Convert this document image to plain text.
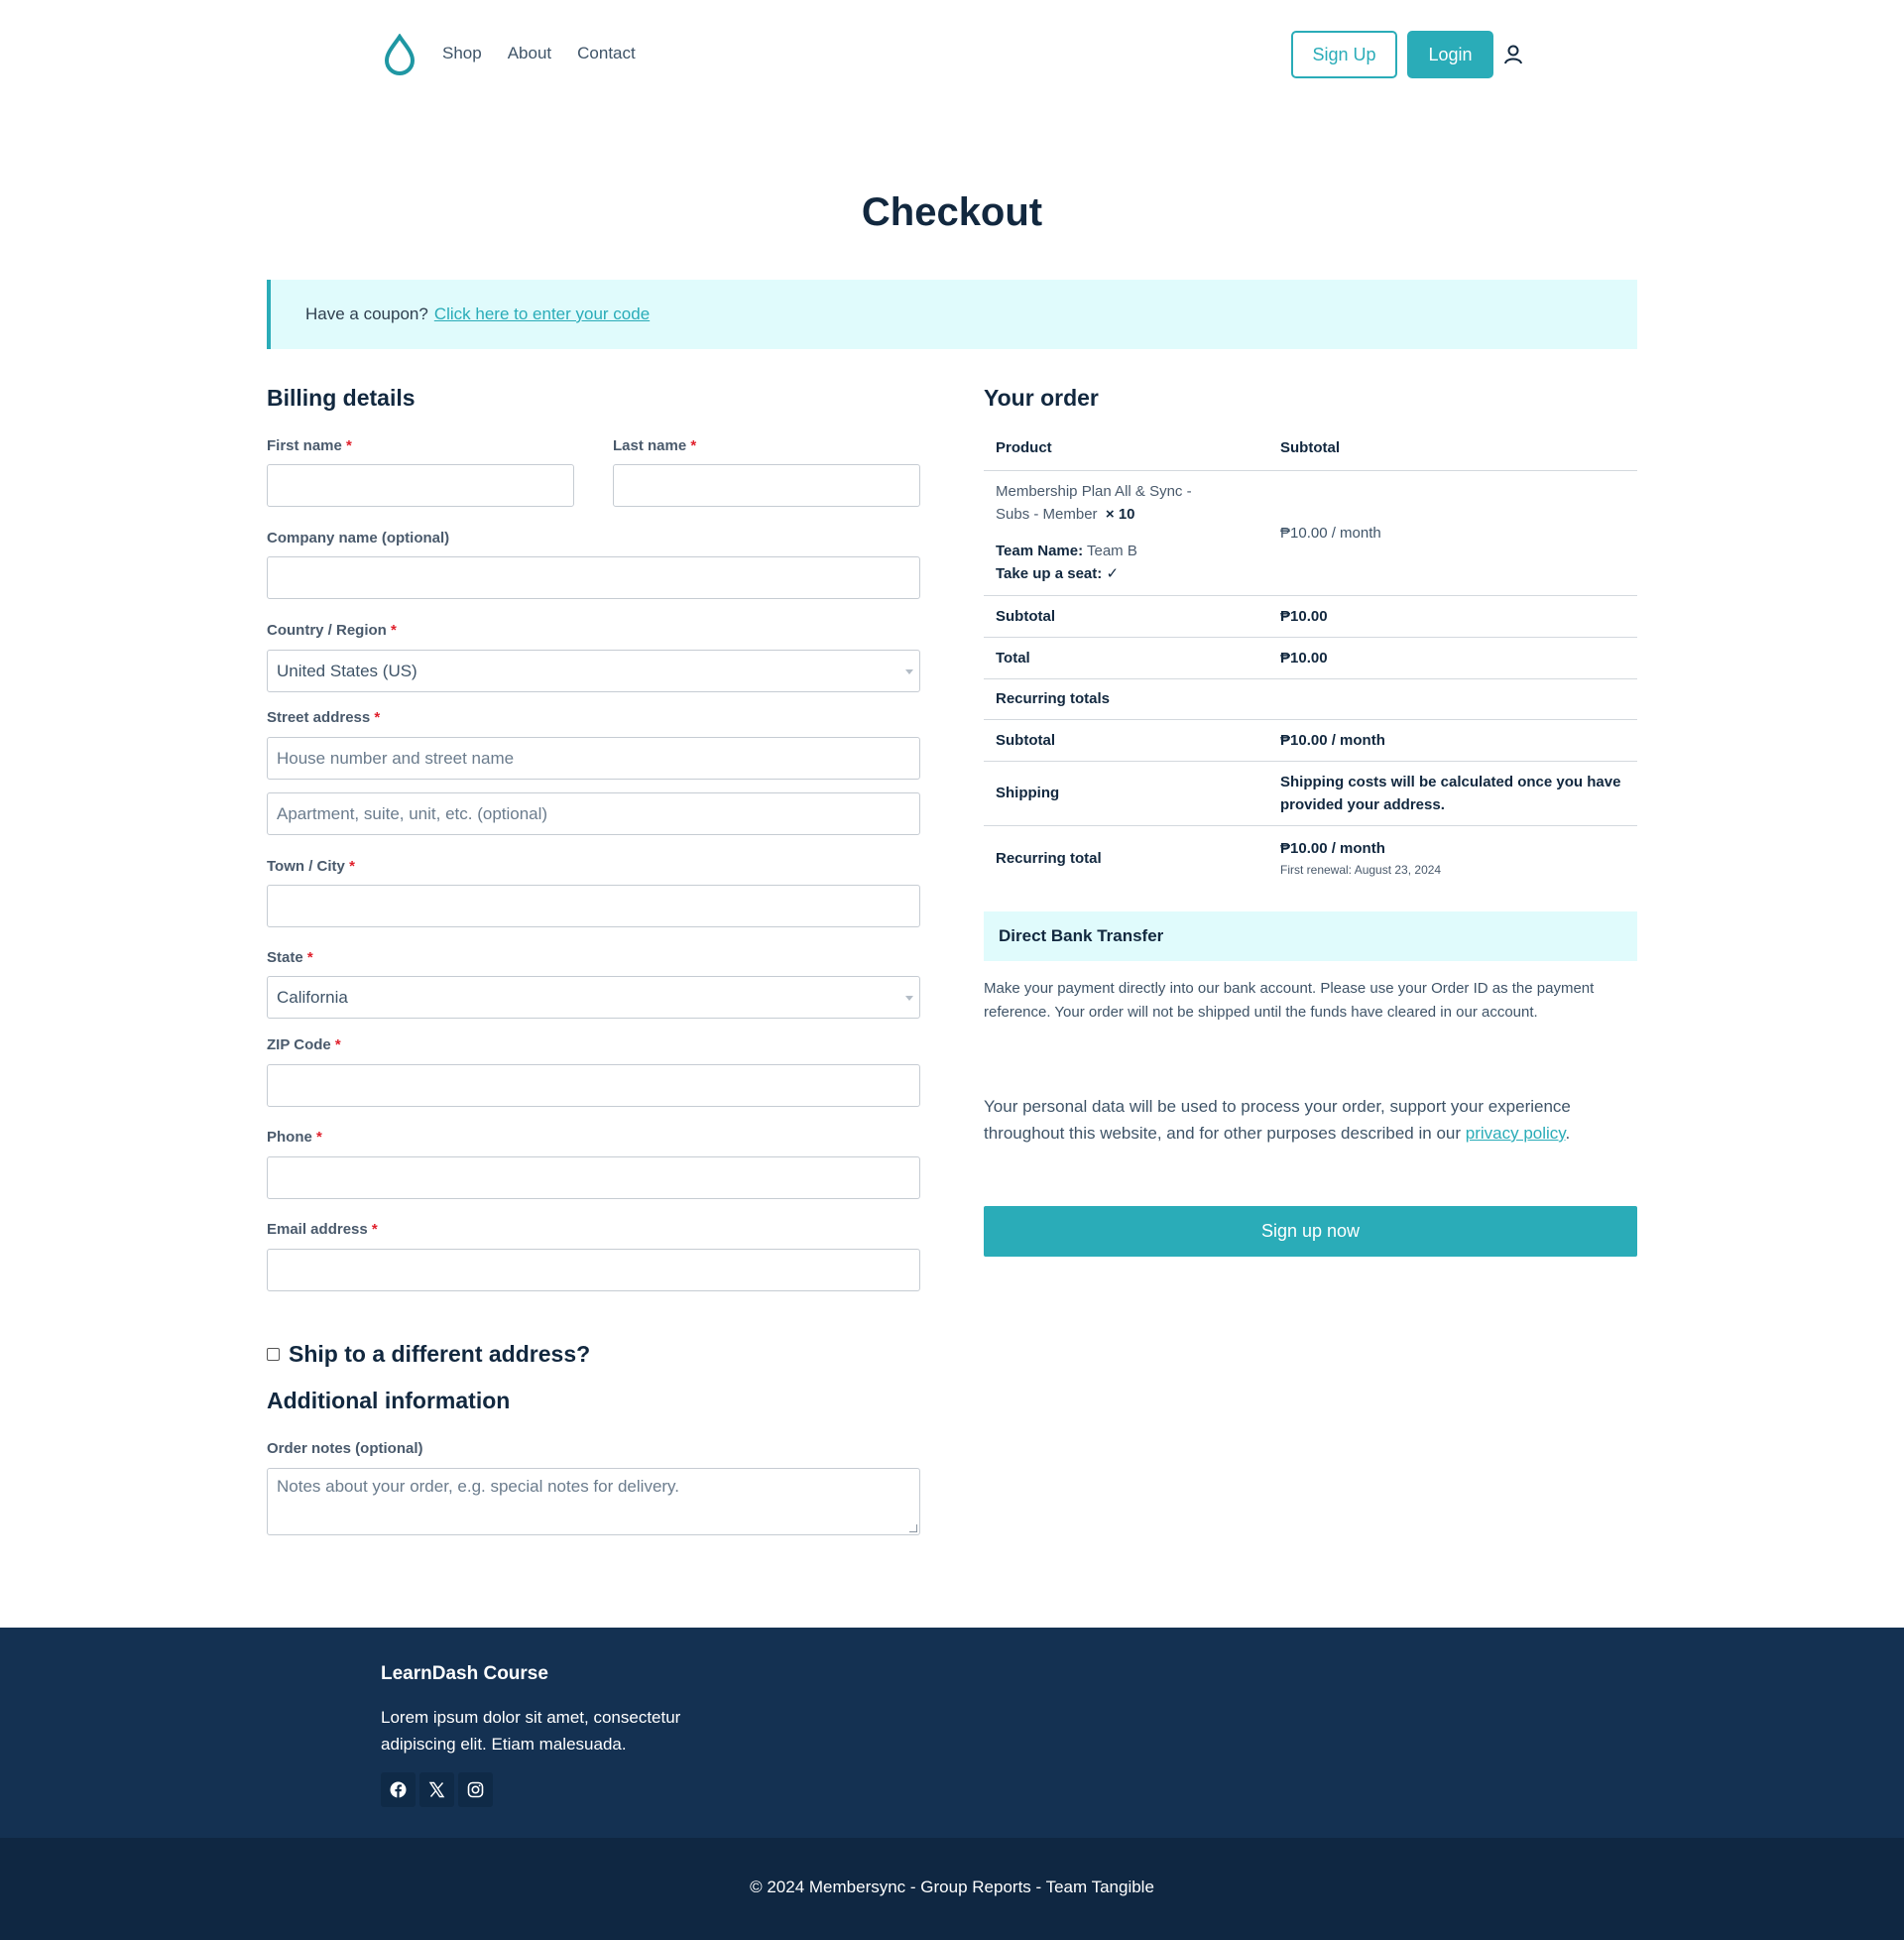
Shop About Contact	Sign Up	Login
Checkout
Have a coupon? Click here to enter your code
Billing details
First name *	Last name *
Company name (optional)
Country / Region *
United States (US)
Street address *
House number and street name
Apartment, suite, unit, etc. (optional)
Town / City *
State *
California
ZIP Code *
Phone *
Email address *
Ship to a different address?
Additional information
Order notes (optional)
Notes about your order, e.g. special notes for delivery.
Your order
Product	Subtotal

Membership Plan All & Sync -
Subs - Member × 10
Team Name: Team B
Take up a seat: ✓	₱10.00 / month
Subtotal	₱10.00
Total	₱10.00
Recurring totals	
Subtotal	₱10.00 / month
Shipping	Shipping costs will be calculated once you have provided your address.
Recurring total	₱10.00 / month
First renewal: August 23, 2024
Direct Bank Transfer

Make your payment directly into our bank account. Please use your Order ID as the payment reference. Your order will not be shipped until the funds have cleared in our account.

Your personal data will be used to process your order, support your experience throughout this website, and for other purposes described in our privacy policy.

Sign up now
LearnDash Course

Lorem ipsum dolor sit amet, consectetur adipiscing elit. Etiam malesuada.

© 2024 Membersync - Group Reports - Team Tangible
